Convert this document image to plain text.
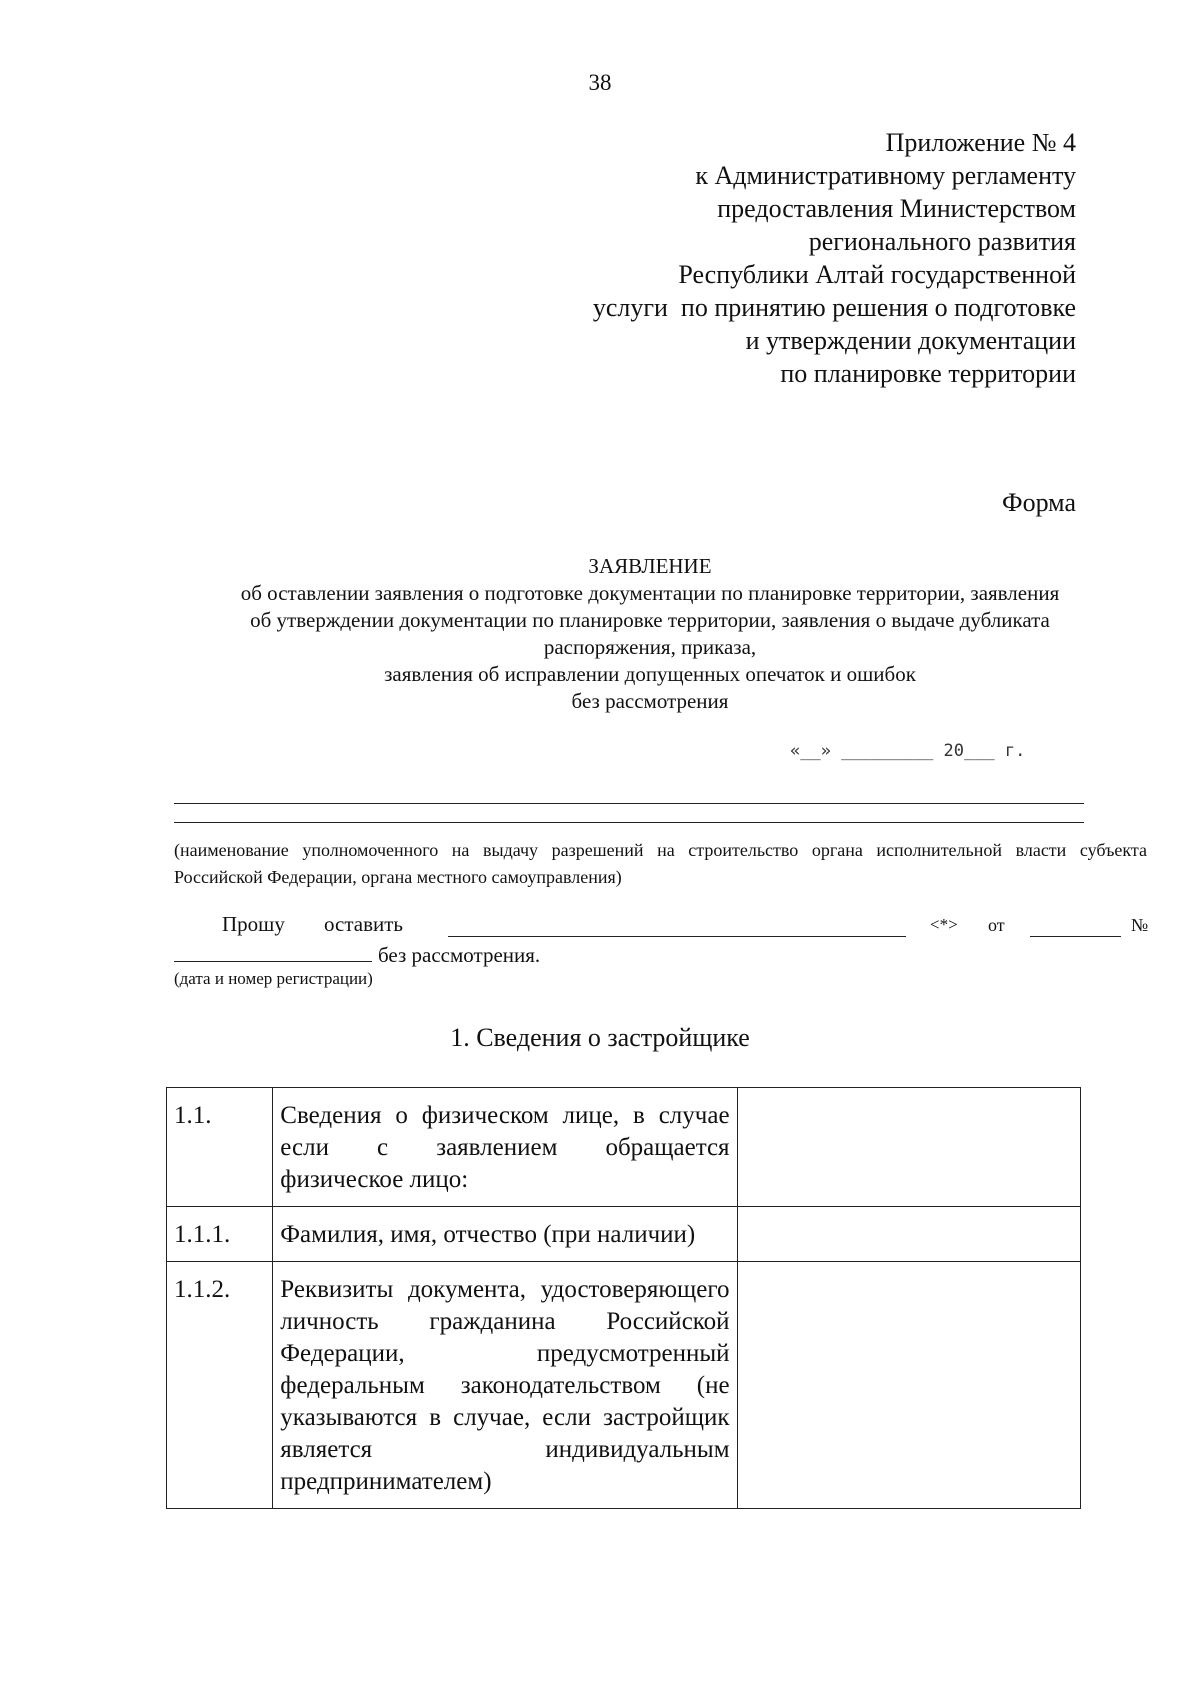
38
Приложение № 4
к Административному регламенту
предоставления Министерством
регионального развития
Республики Алтай государственной
услуги  по принятию решения о подготовке
и утверждении документации
по планировке территории
Форма
ЗАЯВЛЕНИЕ
об оставлении заявления о подготовке документации по планировке территории, заявления
об утверждении документации по планировке территории, заявления о выдаче дубликата
распоряжения, приказа,
заявления об исправлении допущенных опечаток и ошибок
без рассмотрения
«__» _________ 20___ г.
(наименование уполномоченного на выдачу разрешений на строительство органа исполнительной власти субъекта Российской Федерации, органа местного самоуправления)
Прошу оставить	<*> от	№
без рассмотрения.
(дата и номер регистрации)
1. Сведения о застройщике
1.1.	Сведения о физическом лице, в случае если с заявлением обращается физическое лицо:	
1.1.1.	Фамилия, имя, отчество (при наличии)	
1.1.2.	Реквизиты документа, удостоверяющего личность гражданина Российской Федерации, предусмотренный федеральным законодательством (не указываются в случае, если застройщик является индивидуальным предпринимателем)	
